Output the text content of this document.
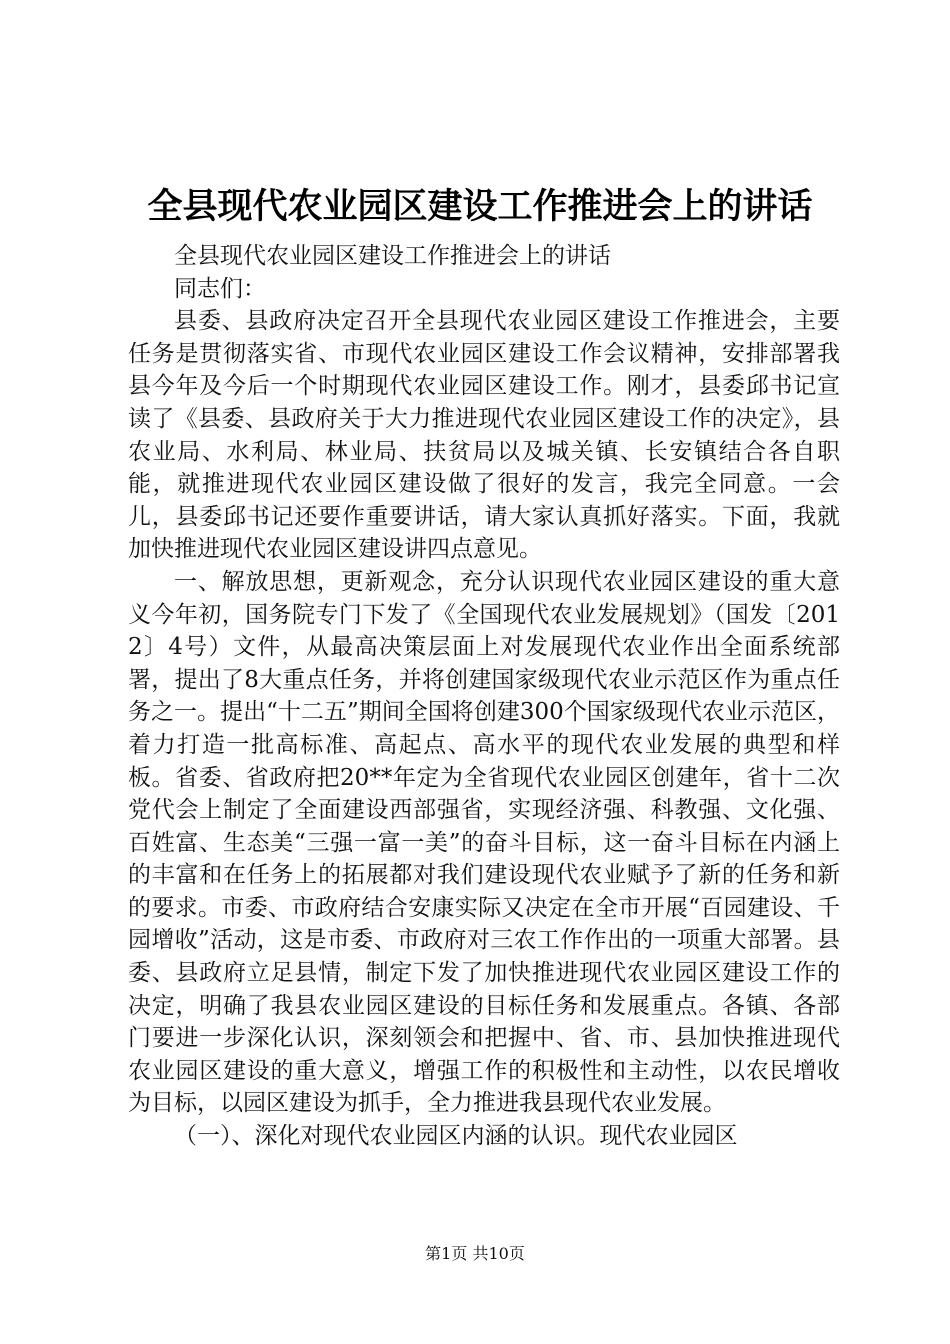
全县现代农业园区建设工作推进会上的讲话

全县现代农业园区建设工作推进会上的讲话

同志们：

县委、县政府决定召开全县现代农业园区建设工作推进会，主要任务是贯彻落实省、市现代农业园区建设工作会议精神，安排部署我县今年及今后一个时期现代农业园区建设工作。刚才，县委邱书记宣读了《县委、县政府关于大力推进现代农业园区建设工作的决定》，县农业局、水利局、林业局、扶贫局以及城关镇、长安镇结合各自职能，就推进现代农业园区建设做了很好的发言，我完全同意。一会儿，县委邱书记还要作重要讲话，请大家认真抓好落实。下面，我就加快推进现代农业园区建设讲四点意见。

一、解放思想，更新观念，充分认识现代农业园区建设的重大意义今年初，国务院专门下发了《全国现代农业发展规划》（国发〔2012〕4号）文件，从最高决策层面上对发展现代农业作出全面系统部署，提出了8大重点任务，并将创建国家级现代农业示范区作为重点任务之一。提出“十二五”期间全国将创建300个国家级现代农业示范区，着力打造一批高标准、高起点、高水平的现代农业发展的典型和样板。省委、省政府把20**年定为全省现代农业园区创建年，省十二次党代会上制定了全面建设西部强省，实现经济强、科教强、文化强、百姓富、生态美“三强一富一美”的奋斗目标，这一奋斗目标在内涵上的丰富和在任务上的拓展都对我们建设现代农业赋予了新的任务和新的要求。市委、市政府结合安康实际又决定在全市开展“百园建设、千园增收”活动，这是市委、市政府对三农工作作出的一项重大部署。县委、县政府立足县情，制定下发了加快推进现代农业园区建设工作的决定，明确了我县农业园区建设的目标任务和发展重点。各镇、各部门要进一步深化认识，深刻领会和把握中、省、市、县加快推进现代农业园区建设的重大意义，增强工作的积极性和主动性，以农民增收为目标，以园区建设为抓手，全力推进我县现代农业发展。

（一）、深化对现代农业园区内涵的认识。现代农业园区

第1页 共10页
